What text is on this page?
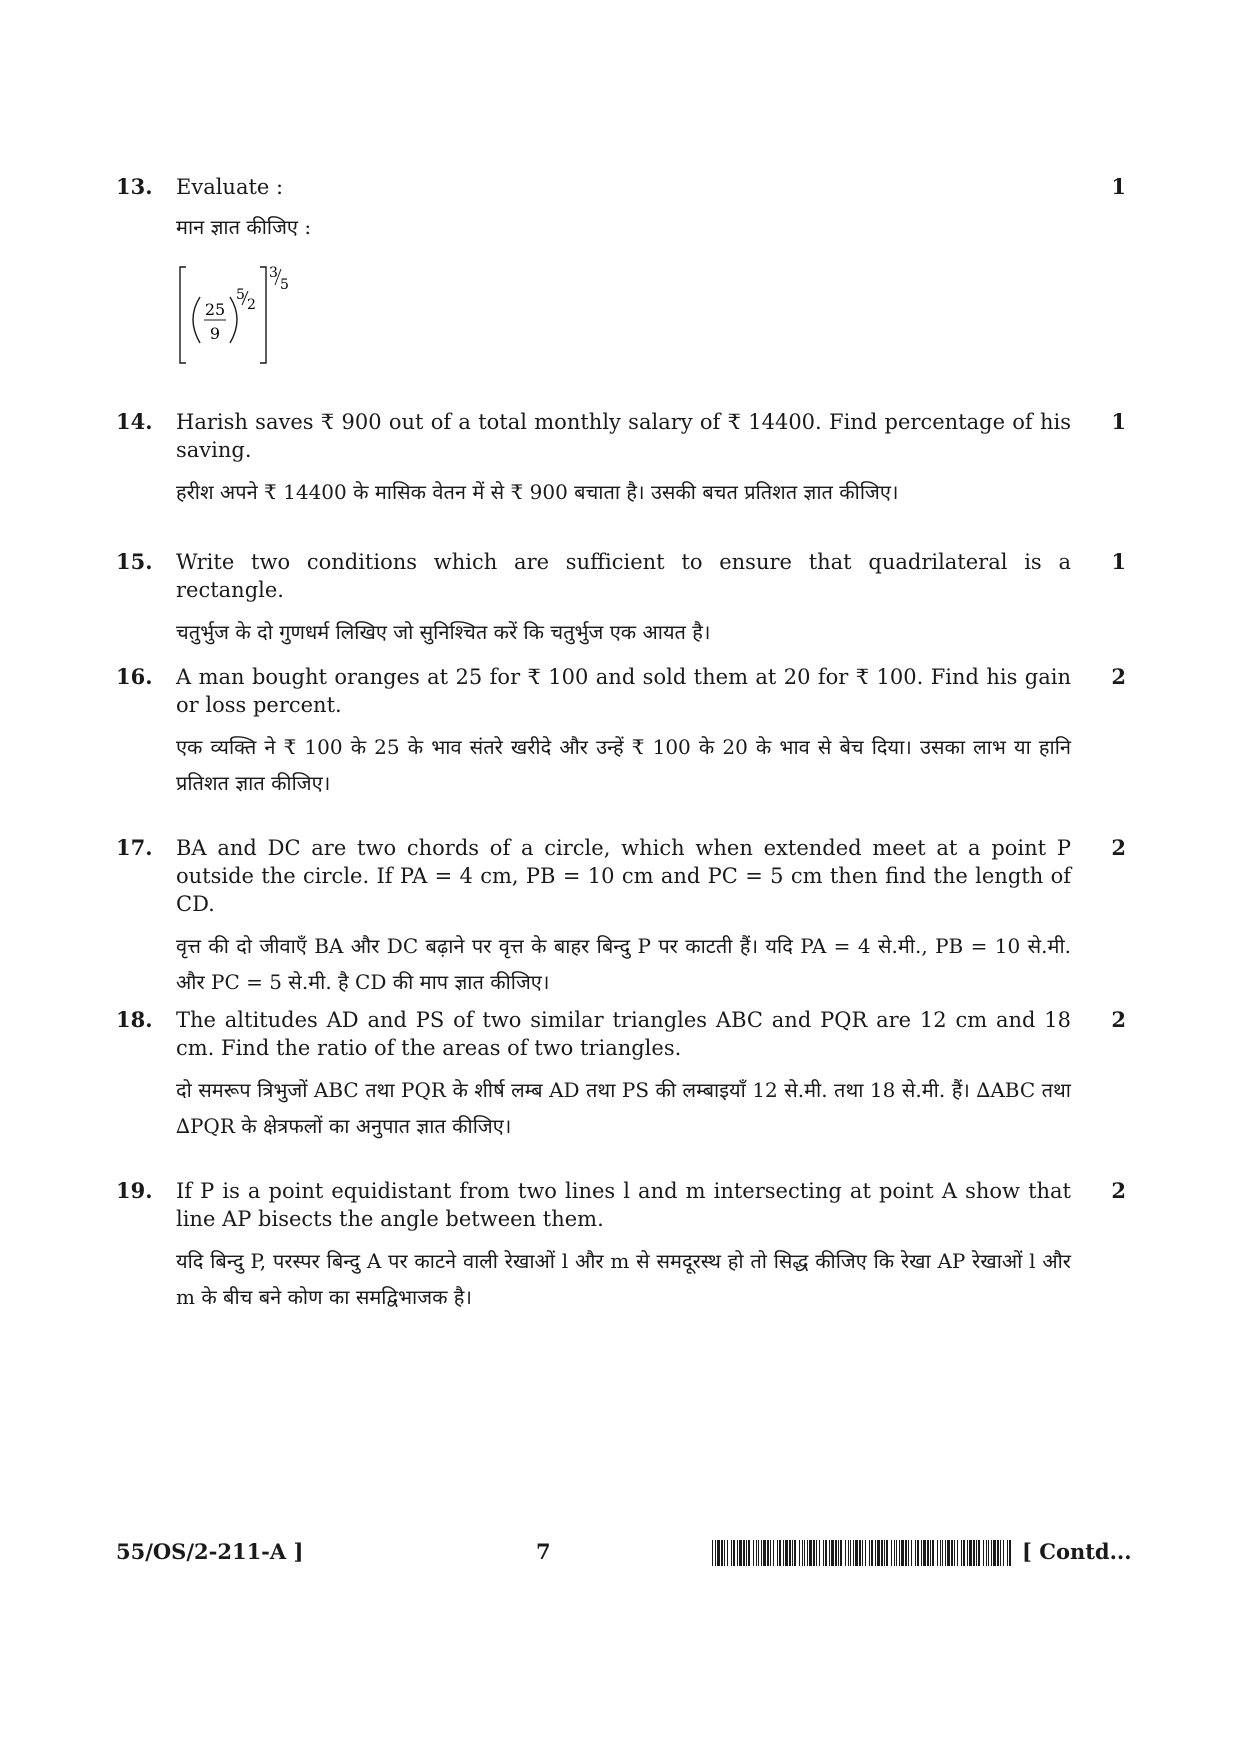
13. Evaluate :
मान ज्ञात कीजिए :
1
25
9
5
2
3
5
14. Harish saves ₹ 900 out of a total monthly salary of ₹ 14400. Find percentage of his saving.
हरीश अपने ₹ 14400 के मासिक वेतन में से ₹ 900 बचाता है। उसकी बचत प्रतिशत ज्ञात कीजिए।
1
15. Write two conditions which are sufficient to ensure that quadrilateral is a rectangle.
चतुर्भुज के दो गुणधर्म लिखिए जो सुनिश्चित करें कि चतुर्भुज एक आयत है।
1
16. A man bought oranges at 25 for ₹ 100 and sold them at 20 for ₹ 100. Find his gain or loss percent.
एक व्यक्ति ने ₹ 100 के 25 के भाव संतरे खरीदे और उन्हें ₹ 100 के 20 के भाव से बेच दिया। उसका लाभ या हानि प्रतिशत ज्ञात कीजिए।
2
17. BA and DC are two chords of a circle, which when extended meet at a point P outside the circle. If PA = 4 cm, PB = 10 cm and PC = 5 cm then find the length of CD.
वृत्त की दो जीवाएँ BA और DC बढ़ाने पर वृत्त के बाहर बिन्दु P पर काटती हैं। यदि PA = 4 से.मी., PB = 10 से.मी. और PC = 5 से.मी. है CD की माप ज्ञात कीजिए।
2
18. The altitudes AD and PS of two similar triangles ABC and PQR are 12 cm and 18 cm. Find the ratio of the areas of two triangles.
दो समरूप त्रिभुजों ABC तथा PQR के शीर्ष लम्ब AD तथा PS की लम्बाइयाँ 12 से.मी. तथा 18 से.मी. हैं। ∆ABC तथा ∆PQR के क्षेत्रफलों का अनुपात ज्ञात कीजिए।
2
19. If P is a point equidistant from two lines l and m intersecting at point A show that line AP bisects the angle between them.
यदि बिन्दु P, परस्पर बिन्दु A पर काटने वाली रेखाओं l और m से समदूरस्थ हो तो सिद्ध कीजिए कि रेखा AP रेखाओं l और m के बीच बने कोण का समद्विभाजक है।
2
55/OS/2-211-A ]	7	[ Contd...
